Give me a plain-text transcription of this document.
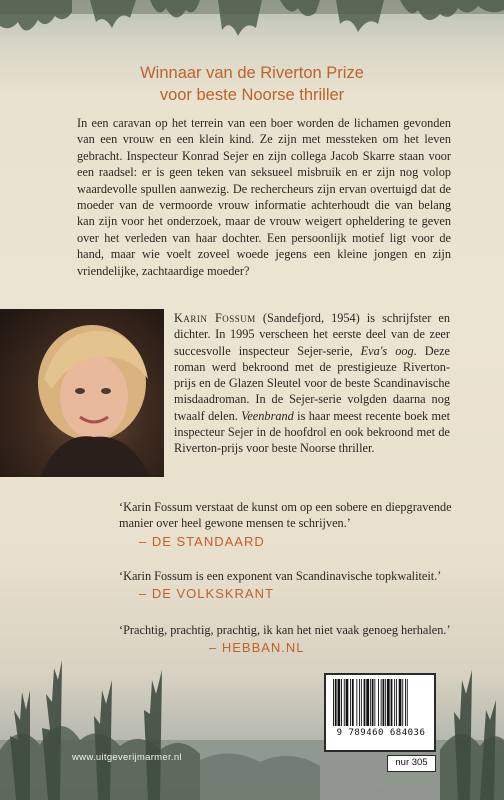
Winnaar van de Riverton Prize
voor beste Noorse thriller

In een caravan op het terrein van een boer worden de lichamen gevonden van een vrouw en een klein kind. Ze zijn met messteken om het leven gebracht. Inspecteur Konrad Sejer en zijn collega Jacob Skarre staan voor een raadsel: er is geen teken van seksueel misbruik en er zijn nog volop waardevolle spullen aanwezig. De rechercheurs zijn ervan overtuigd dat de moeder van de vermoorde vrouw informatie achterhoudt die van belang kan zijn voor het onderzoek, maar de vrouw weigert opheldering te geven over het verleden van haar dochter. Een persoonlijk motief ligt voor de hand, maar wie voelt zoveel woede jegens een kleine jongen en zijn vriendelijke, zachtaardige moeder?

Karin Fossum (Sandefjord, 1954) is schrijfster en dichter. In 1995 verscheen het eerste deel van de zeer succesvolle inspecteur Sejer-serie, Eva's oog. Deze roman werd bekroond met de prestigieuze Riverton-prijs en de Glazen Sleutel voor de beste Scandinavische misdaadroman. In de Sejer-serie volgden daarna nog twaalf delen. Veenbrand is haar meest recente boek met inspecteur Sejer in de hoofdrol en ook bekroond met de Riverton-prijs voor beste Noorse thriller.
‘Karin Fossum verstaat de kunst om op een sobere en diepgravende manier over heel gewone mensen te schrijven.’
– DE STANDAARD
‘Karin Fossum is een exponent van Scandinavische topkwaliteit.’
– DE VOLKSKRANT
‘Prachtig, prachtig, prachtig, ik kan het niet vaak genoeg herhalen.’
– HEBBAN.NL
www.uitgeverijmarmer.nl
9 789460 684036
nur 305
